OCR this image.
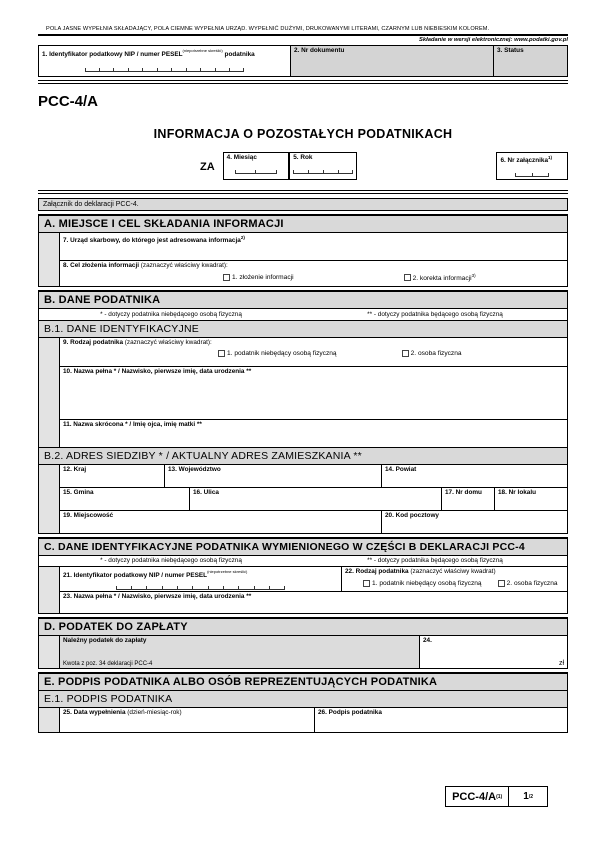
POLA JASNE WYPEŁNIA SKŁADAJĄCY, POLA CIEMNE WYPEŁNIA URZĄD. WYPEŁNIĆ DUŻYMI, DRUKOWANYMI LITERAMI, CZARNYM LUB NIEBIESKIM KOLOREM.
Składanie w wersji elektronicznej: www.podatki.gov.pl
1. Identyfikator podatkowy NIP / numer $PESEL^{(niepotrzebne skreślić)}$ podatnika
2. Nr dokumentu	3. Status
PCC-4/A
INFORMACJA O POZOSTAŁYCH PODATNIKACH
ZA
4. Miesiąc	5. Rok	6. Nr załącznika$^{1)}$
Załącznik do deklaracji PCC-4.
A. MIEJSCE I CEL SKŁADANIA INFORMACJI
7. Urząd skarbowy, do którego jest adresowana informacja$^{2)}$
8. Cel złożenia informacji (zaznaczyć właściwy kwadrat):
1. złożenie informacji	2. korekta informacji$^{3)}$
B. DANE PODATNIKA
* - dotyczy podatnika niebędącego osobą fizyczną	** - dotyczy podatnika będącego osobą fizyczną
B.1. DANE IDENTYFIKACYJNE
9. Rodzaj podatnika (zaznaczyć właściwy kwadrat):
1. podatnik niebędący osobą fizyczną	2. osoba fizyczna
10. Nazwa pełna * / Nazwisko, pierwsze imię, data urodzenia **
11. Nazwa skrócona * / Imię ojca, imię matki **
B.2. ADRES SIEDZIBY * / AKTUALNY ADRES ZAMIESZKANIA **
12. Kraj	13. Województwo	14. Powiat
15. Gmina	16. Ulica	17. Nr domu	18. Nr lokalu
19. Miejscowość	20. Kod pocztowy
C. DANE IDENTYFIKACYJNE PODATNIKA WYMIENIONEGO W CZĘŚCI B DEKLARACJI PCC-4
* - dotyczy podatnika niebędącego osobą fizyczną	** - dotyczy podatnika będącego osobą fizyczną
21. Identyfikator podatkowy NIP / numer $PESEL^{(niepotrzebne skreślić)}$	22. Rodzaj podatnika (zaznaczyć właściwy kwadrat)
1. podatnik niebędący osobą fizyczną	2. osoba fizyczna
23. Nazwa pełna * / Nazwisko, pierwsze imię, data urodzenia **
D. PODATEK DO ZAPŁATY
Należny podatek do zapłaty
Kwota z poz. 34 deklaracji PCC-4
24.
zł
E. PODPIS PODATNIKA ALBO OSÓB REPREZENTUJĄCYCH PODATNIKA
E.1. PODPIS PODATNIKA
25. Data wypełnienia (dzień-miesiąc-rok)	26. Podpis podatnika
PCC-4/A (1) 1 /2
